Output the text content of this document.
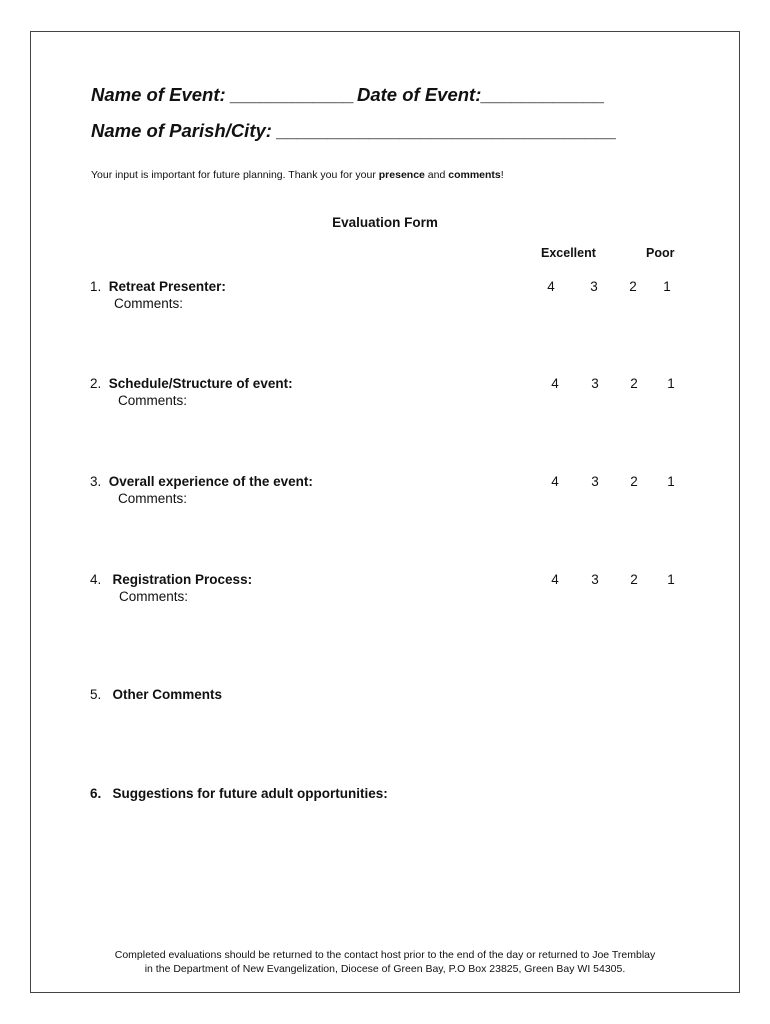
Name of Event: ____________ Date of Event:____________
Name of Parish/City: _________________________________
Your input is important for future planning. Thank you for your presence and comments!
Evaluation Form
Excellent	Poor
1. Retreat Presenter:
Comments:
4	3 2 1
2. Schedule/Structure of event:
Comments:
4 3 2 1
3. Overall experience of the event:
Comments:
4 3 2 1
4. Registration Process:
Comments:
4 3 2 1
5. Other Comments
6. Suggestions for future adult opportunities:
Completed evaluations should be returned to the contact host prior to the end of the day or returned to Joe Tremblay
in the Department of New Evangelization, Diocese of Green Bay, P.O Box 23825, Green Bay WI 54305.
